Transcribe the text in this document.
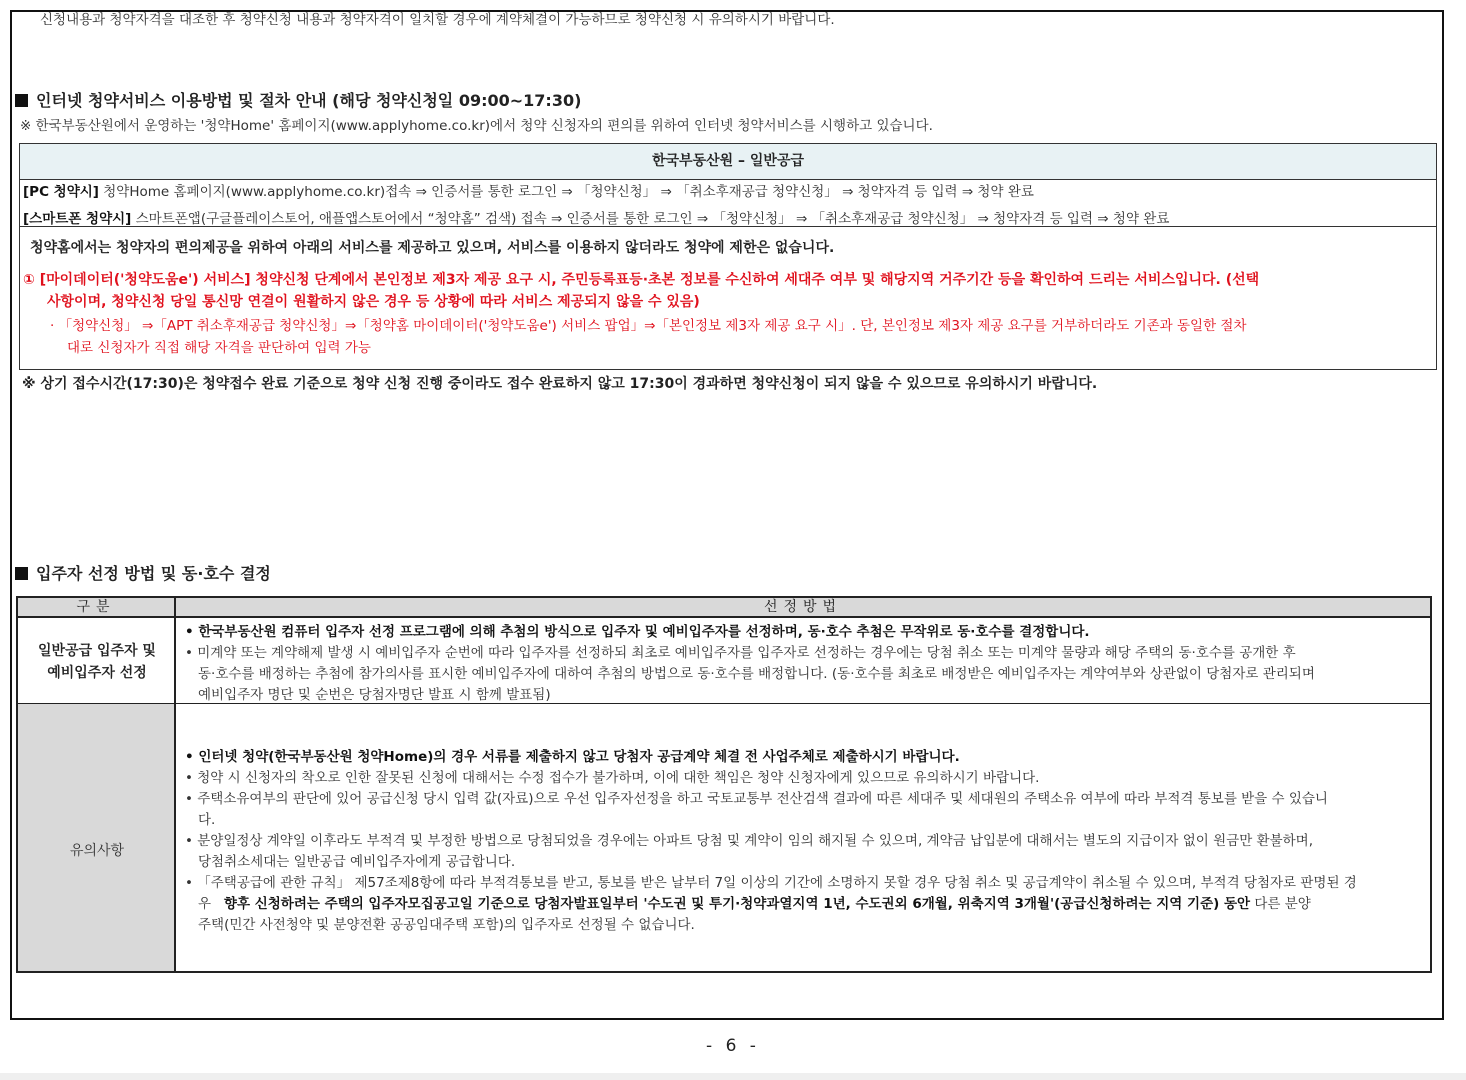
신청내용과 청약자격을 대조한 후 청약신청 내용과 청약자격이 일치할 경우에 계약체결이 가능하므로 청약신청 시 유의하시기 바랍니다.
인터넷 청약서비스 이용방법 및 절차 안내 (해당 청약신청일 09:00~17:30)
※ 한국부동산원에서 운영하는 '청약Home' 홈페이지(www.applyhome.co.kr)에서 청약 신청자의 편의를 위하여 인터넷 청약서비스를 시행하고 있습니다.
한국부동산원 – 일반공급
[PC 청약시] 청약Home 홈페이지(www.applyhome.co.kr)접속 ⇒ 인증서를 통한 로그인 ⇒ 「청약신청」 ⇒ 「취소후재공급 청약신청」 ⇒ 청약자격 등 입력 ⇒ 청약 완료
[스마트폰 청약시] 스마트폰앱(구글플레이스토어, 애플앱스토어에서 “청약홈” 검색) 접속 ⇒ 인증서를 통한 로그인 ⇒ 「청약신청」 ⇒ 「취소후재공급 청약신청」 ⇒ 청약자격 등 입력 ⇒ 청약 완료
청약홈에서는 청약자의 편의제공을 위하여 아래의 서비스를 제공하고 있으며, 서비스를 이용하지 않더라도 청약에 제한은 없습니다.
① [마이데이터('청약도움e') 서비스] 청약신청 단계에서 본인정보 제3자 제공 요구 시, 주민등록표등·초본 정보를 수신하여 세대주 여부 및 해당지역 거주기간 등을 확인하여 드리는 서비스입니다. (선택
사항이며, 청약신청 당일 통신망 연결이 원활하지 않은 경우 등 상황에 따라 서비스 제공되지 않을 수 있음)
· 「청약신청」 ⇒「APT 취소후재공급 청약신청」⇒「청약홈 마이데이터('청약도움e') 서비스 팝업」⇒「본인정보 제3자 제공 요구 시」. 단, 본인정보 제3자 제공 요구를 거부하더라도 기존과 동일한 절차
대로 신청자가 직접 해당 자격을 판단하여 입력 가능
※ 상기 접수시간(17:30)은 청약접수 완료 기준으로 청약 신청 진행 중이라도 접수 완료하지 않고 17:30이 경과하면 청약신청이 되지 않을 수 있으므로 유의하시기 바랍니다.
입주자 선정 방법 및 동·호수 결정
구분	선정방법
일반공급 입주자 및
예비입주자 선정
유의사항
• 한국부동산원 컴퓨터 입주자 선정 프로그램에 의해 추첨의 방식으로 입주자 및 예비입주자를 선정하며, 동·호수 추첨은 무작위로 동·호수를 결정합니다.
• 미계약 또는 계약해제 발생 시 예비입주자 순번에 따라 입주자를 선정하되 최초로 예비입주자를 입주자로 선정하는 경우에는 당첨 취소 또는 미계약 물량과 해당 주택의 동·호수를 공개한 후
동·호수를 배정하는 추첨에 참가의사를 표시한 예비입주자에 대하여 추첨의 방법으로 동·호수를 배정합니다. (동·호수를 최초로 배정받은 예비입주자는 계약여부와 상관없이 당첨자로 관리되며
예비입주자 명단 및 순번은 당첨자명단 발표 시 함께 발표됨)
• 인터넷 청약(한국부동산원 청약Home)의 경우 서류를 제출하지 않고 당첨자 공급계약 체결 전 사업주체로 제출하시기 바랍니다.
• 청약 시 신청자의 착오로 인한 잘못된 신청에 대해서는 수정 접수가 불가하며, 이에 대한 책임은 청약 신청자에게 있으므로 유의하시기 바랍니다.
• 주택소유여부의 판단에 있어 공급신청 당시 입력 값(자료)으로 우선 입주자선정을 하고 국토교통부 전산검색 결과에 따른 세대주 및 세대원의 주택소유 여부에 따라 부적격 통보를 받을 수 있습니
다.
• 분양일정상 계약일 이후라도 부적격 및 부정한 방법으로 당첨되었을 경우에는 아파트 당첨 및 계약이 임의 해지될 수 있으며, 계약금 납입분에 대해서는 별도의 지급이자 없이 원금만 환불하며,
당첨취소세대는 일반공급 예비입주자에게 공급합니다.
• 「주택공급에 관한 규칙」 제57조제8항에 따라 부적격통보를 받고, 통보를 받은 날부터 7일 이상의 기간에 소명하지 못할 경우 당첨 취소 및 공급계약이 취소될 수 있으며, 부적격 당첨자로 판명된 경
우 향후 신청하려는 주택의 입주자모집공고일 기준으로 당첨자발표일부터 '수도권 및 투기·청약과열지역 1년, 수도권외 6개월, 위축지역 3개월'(공급신청하려는 지역 기준) 동안 다른 분양
주택(민간 사전청약 및 분양전환 공공임대주택 포함)의 입주자로 선정될 수 없습니다.
- 6 -
